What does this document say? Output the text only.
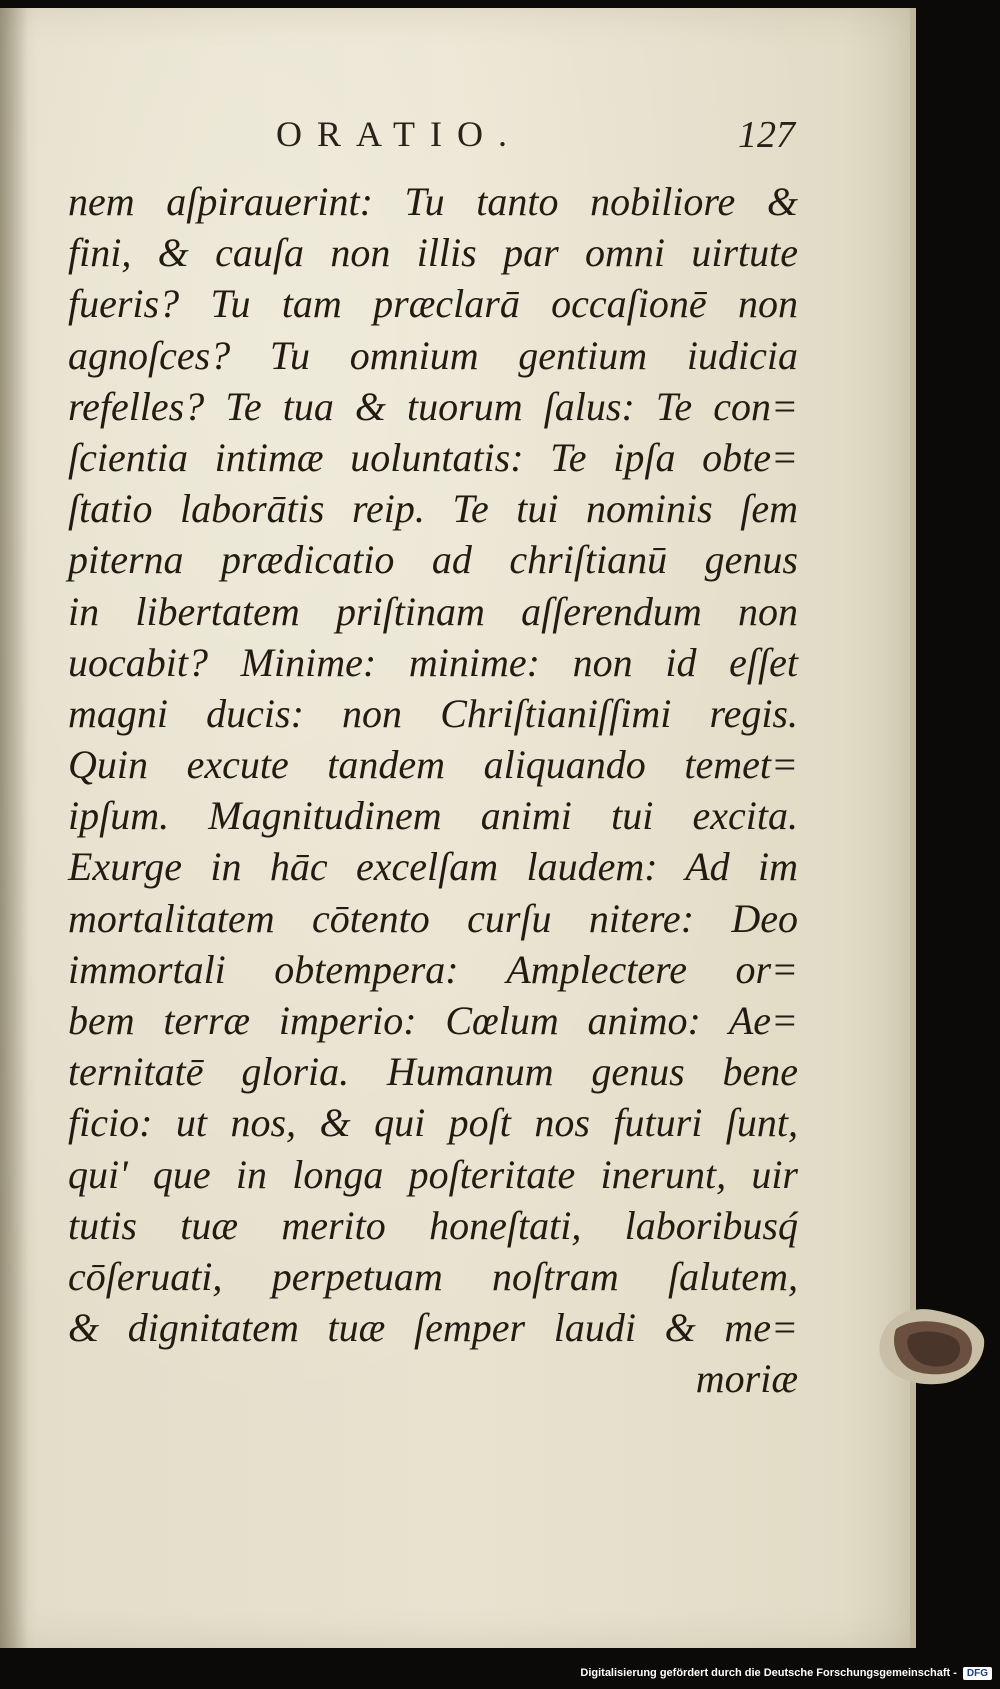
ORATIO.	127
nem aſpirauerint: Tu tanto nobiliore &
fini, & cauſa non illis par omni uirtute
fueris? Tu tam præclarā occaſionē non
agnoſces? Tu omnium gentium iudicia
refelles? Te tua & tuorum ſalus: Te con=
ſcientia intimæ uoluntatis: Te ipſa obte=
ſtatio laborātis reip. Te tui nominis ſem
piterna prædicatio ad chriſtianū genus
in libertatem priſtinam aſſerendum non
uocabit? Minime: minime: non id eſſet
magni ducis: non Chriſtianiſſimi regis.
Quin excute tandem aliquando temet=
ipſum. Magnitudinem animi tui excita.
Exurge in hāc excelſam laudem: Ad im
mortalitatem cōtento curſu nitere: Deo
immortali obtempera: Amplectere or=
bem terræ imperio: Cœlum animo: Ae=
ternitatē gloria. Humanum genus bene
ficio: ut nos, & qui poſt nos futuri ſunt,
qui' que in longa poſteritate inerunt, uir
tutis tuæ merito honeſtati, laboribusq́
cōſeruati, perpetuam noſtram ſalutem,
& dignitatem tuæ ſemper laudi & me=
moriæ
Digitalisierung gefördert durch die Deutsche Forschungsgemeinschaft -	DFG
